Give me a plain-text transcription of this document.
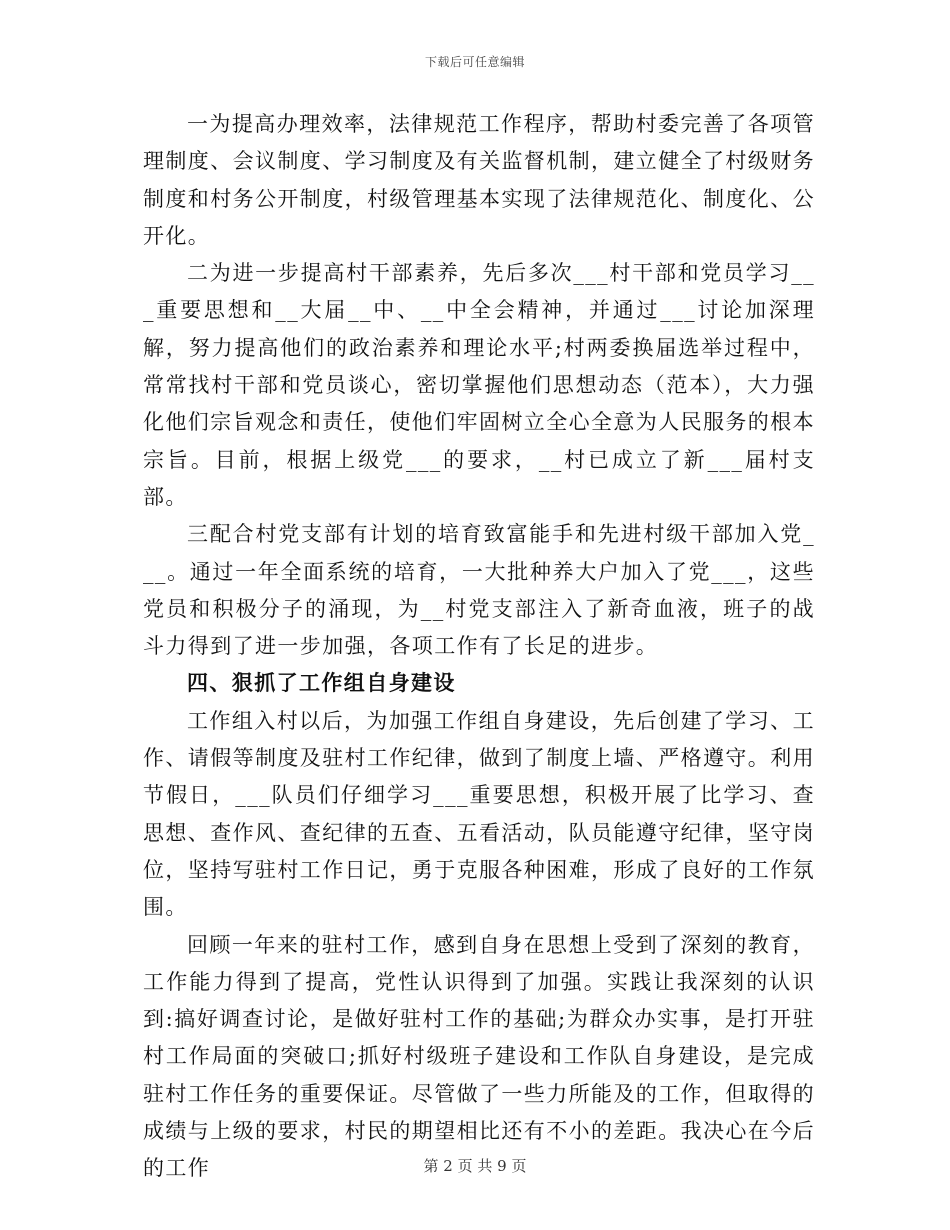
下载后可任意编辑

一为提高办理效率，法律规范工作程序，帮助村委完善了各项管理制度、会议制度、学习制度及有关监督机制，建立健全了村级财务制度和村务公开制度，村级管理基本实现了法律规范化、制度化、公开化。

二为进一步提高村干部素养，先后多次___村干部和党员学习___重要思想和__大届__中、__中全会精神，并通过___讨论加深理解，努力提高他们的政治素养和理论水平;村两委换届选举过程中，常常找村干部和党员谈心，密切掌握他们思想动态（范本），大力强化他们宗旨观念和责任，使他们牢固树立全心全意为人民服务的根本宗旨。目前，根据上级党___的要求，__村已成立了新___届村支部。

三配合村党支部有计划的培育致富能手和先进村级干部加入党___。通过一年全面系统的培育，一大批种养大户加入了党___，这些党员和积极分子的涌现，为__村党支部注入了新奇血液，班子的战斗力得到了进一步加强，各项工作有了长足的进步。

四、狠抓了工作组自身建设

工作组入村以后，为加强工作组自身建设，先后创建了学习、工作、请假等制度及驻村工作纪律，做到了制度上墙、严格遵守。利用节假日，___队员们仔细学习___重要思想，积极开展了比学习、查思想、查作风、查纪律的五查、五看活动，队员能遵守纪律，坚守岗位，坚持写驻村工作日记，勇于克服各种困难，形成了良好的工作氛围。

回顾一年来的驻村工作，感到自身在思想上受到了深刻的教育，工作能力得到了提高，党性认识得到了加强。实践让我深刻的认识到:搞好调查讨论，是做好驻村工作的基础;为群众办实事，是打开驻村工作局面的突破口;抓好村级班子建设和工作队自身建设，是完成驻村工作任务的重要保证。尽管做了一些力所能及的工作，但取得的成绩与上级的要求，村民的期望相比还有不小的差距。我决心在今后的工作	第 2 页 共 9 页
